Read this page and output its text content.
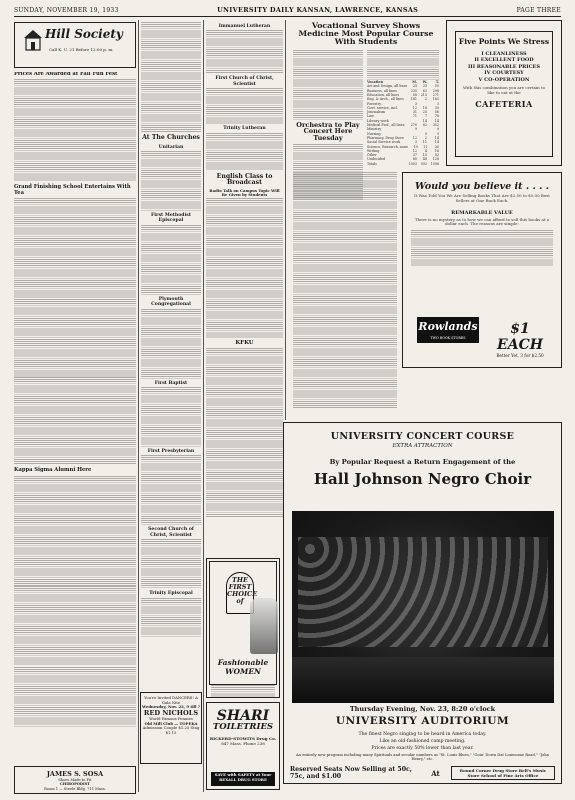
SUNDAY, NOVEMBER 19, 1933	UNIVERSITY DAILY KANSAN, LAWRENCE, KANSAS	PAGE THREE
Hill Society
Call K. U. 21 Before 12:00 p. m.
Prices Are Awarded at Fall Fun Fest
Grand Finishing School Entertains With Tea
Kappa Sigma Alumni Here
At The Churches
Unitarian
First Methodist Episcopal
Plymouth Congregational
First Baptist
First Presbyterian
Second Church of Christ, Scientist
Trinity Episcopal
Immanuel Lutheran
First Church of Christ, Scientist
Trinity Lutheran
English Class to Broadcast
Radio Talk on Campus Topic Will Be Given by Students
KFKU
Vocational Survey Shows Medicine Most Popular Course With Students
Orchestra to Play Concert Here Tuesday
Vocation	M.	W.	T.
Art and Design, all lines	25	25	50
Business, all lines	235	63	298
Education, all lines	58	213	271
Eng. & Arch., all lines	181	2	183
Forestry	3	3
Govt. service, incl.	12	18	30
Journalism	31	25	56
Law	71	7	78
Library work	14	14
Medical Prof., all lines	270	82	352
Ministry	9	9
Nursing	9	9
Pharmacy, Drug Store	12	2	14
Social Service work	3	11	14
Science, Research, none	19	11	30
Writing	12	4	16
Other	37	15	52
Undecided	80	48	128
Totals	1003	593	1596
Five Points We Stress
I CLEANLINESS
II EXCELLENT FOOD
III REASONABLE PRICES
IV COURTESY
V CO-OPERATION
With this combination you are certain to like to eat at the
CAFETERIA
Would you believe it . . . .
It Was Told You We Are Selling Books That Are $2.50 to $5.00 Best Sellers at One Buck Each.
REMARKABLE VALUE
There is no mystery as to how we can afford to sell this books at a dollar each. The reasons are simple:
Rowlands
TWO BOOK STORES
$1 EACH
Better Yet, 3 for $2.50
UNIVERSITY CONCERT COURSE
EXTRA ATTRACTION
By Popular Request a Return Engagement of the
Hall Johnson Negro Choir
Thursday Evening, Nov. 23, 8:20 o'clock
UNIVERSITY AUDITORIUM
The finest Negro singing to be heard in America today.
Like an old-fashioned camp meeting.
Prices are exactly 50% lower than last year.
An entirely new program including many Spirituals and secular numbers as "St. Louis Blues," "Goin' Down Dat Lonesome Road," "John Henry," etc.
Reserved Seats Now Selling at 50c, 75c, and $1.00	At	Round Corner Drug Store Bell's Music Store School of Fine Arts Office
THE FIRST CHOICE of
Fashionable WOMEN
SHARI
TOILETRIES
RICKERD-STOWITS Drug Co.
847 Mass. Phone 238
SAVE with SAFETY at Your REXALL DRUG STORE
You're Invited DANCERS! A Gala Nite
Wednesday, Nov. 22, 9 till ?
RED NICHOLS
World Famous Pennies
Old Mill Club — TOPEKA
Admission Couple $1.25 Stag $1.15
JAMES S. SOSA
Shoes Made to Fit
CHIROPODIST
Room 1 — Steele Bldg. 711 Mass.
